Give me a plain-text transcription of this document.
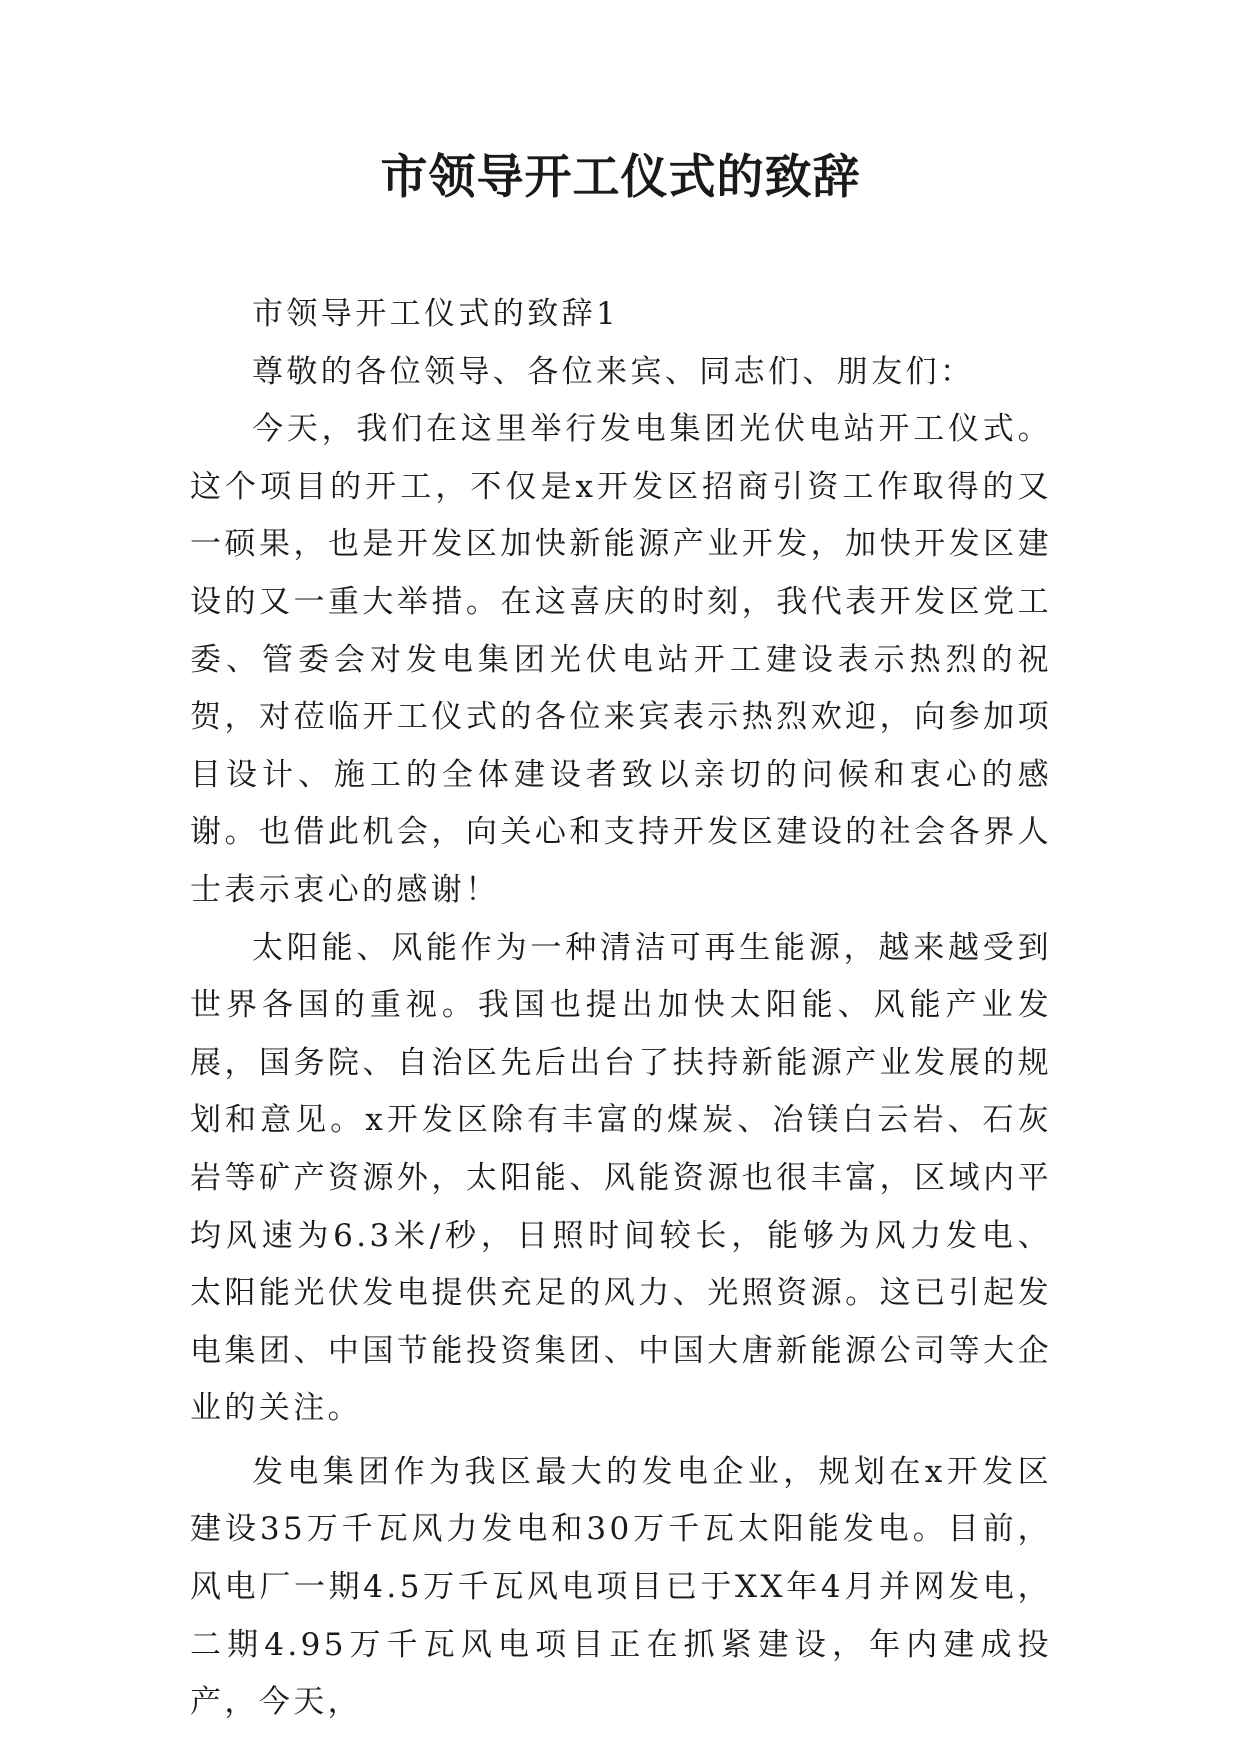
市领导开工仪式的致辞

市领导开工仪式的致辞1

尊敬的各位领导、各位来宾、同志们、朋友们：

今天，我们在这里举行发电集团光伏电站开工仪式。这个项目的开工，不仅是x开发区招商引资工作取得的又一硕果，也是开发区加快新能源产业开发，加快开发区建设的又一重大举措。在这喜庆的时刻，我代表开发区党工委、管委会对发电集团光伏电站开工建设表示热烈的祝贺，对莅临开工仪式的各位来宾表示热烈欢迎，向参加项目设计、施工的全体建设者致以亲切的问候和衷心的感谢。也借此机会，向关心和支持开发区建设的社会各界人士表示衷心的感谢！

太阳能、风能作为一种清洁可再生能源，越来越受到世界各国的重视。我国也提出加快太阳能、风能产业发展，国务院、自治区先后出台了扶持新能源产业发展的规划和意见。x开发区除有丰富的煤炭、冶镁白云岩、石灰岩等矿产资源外，太阳能、风能资源也很丰富，区域内平均风速为6.3米/秒，日照时间较长，能够为风力发电、太阳能光伏发电提供充足的风力、光照资源。这已引起发电集团、中国节能投资集团、中国大唐新能源公司等大企业的关注。

发电集团作为我区最大的发电企业，规划在x开发区建设35万千瓦风力发电和30万千瓦太阳能发电。目前，风电厂一期4.5万千瓦风电项目已于XX年4月并网发电，二期4.95万千瓦风电项目正在抓紧建设，年内建成投产，今天，
